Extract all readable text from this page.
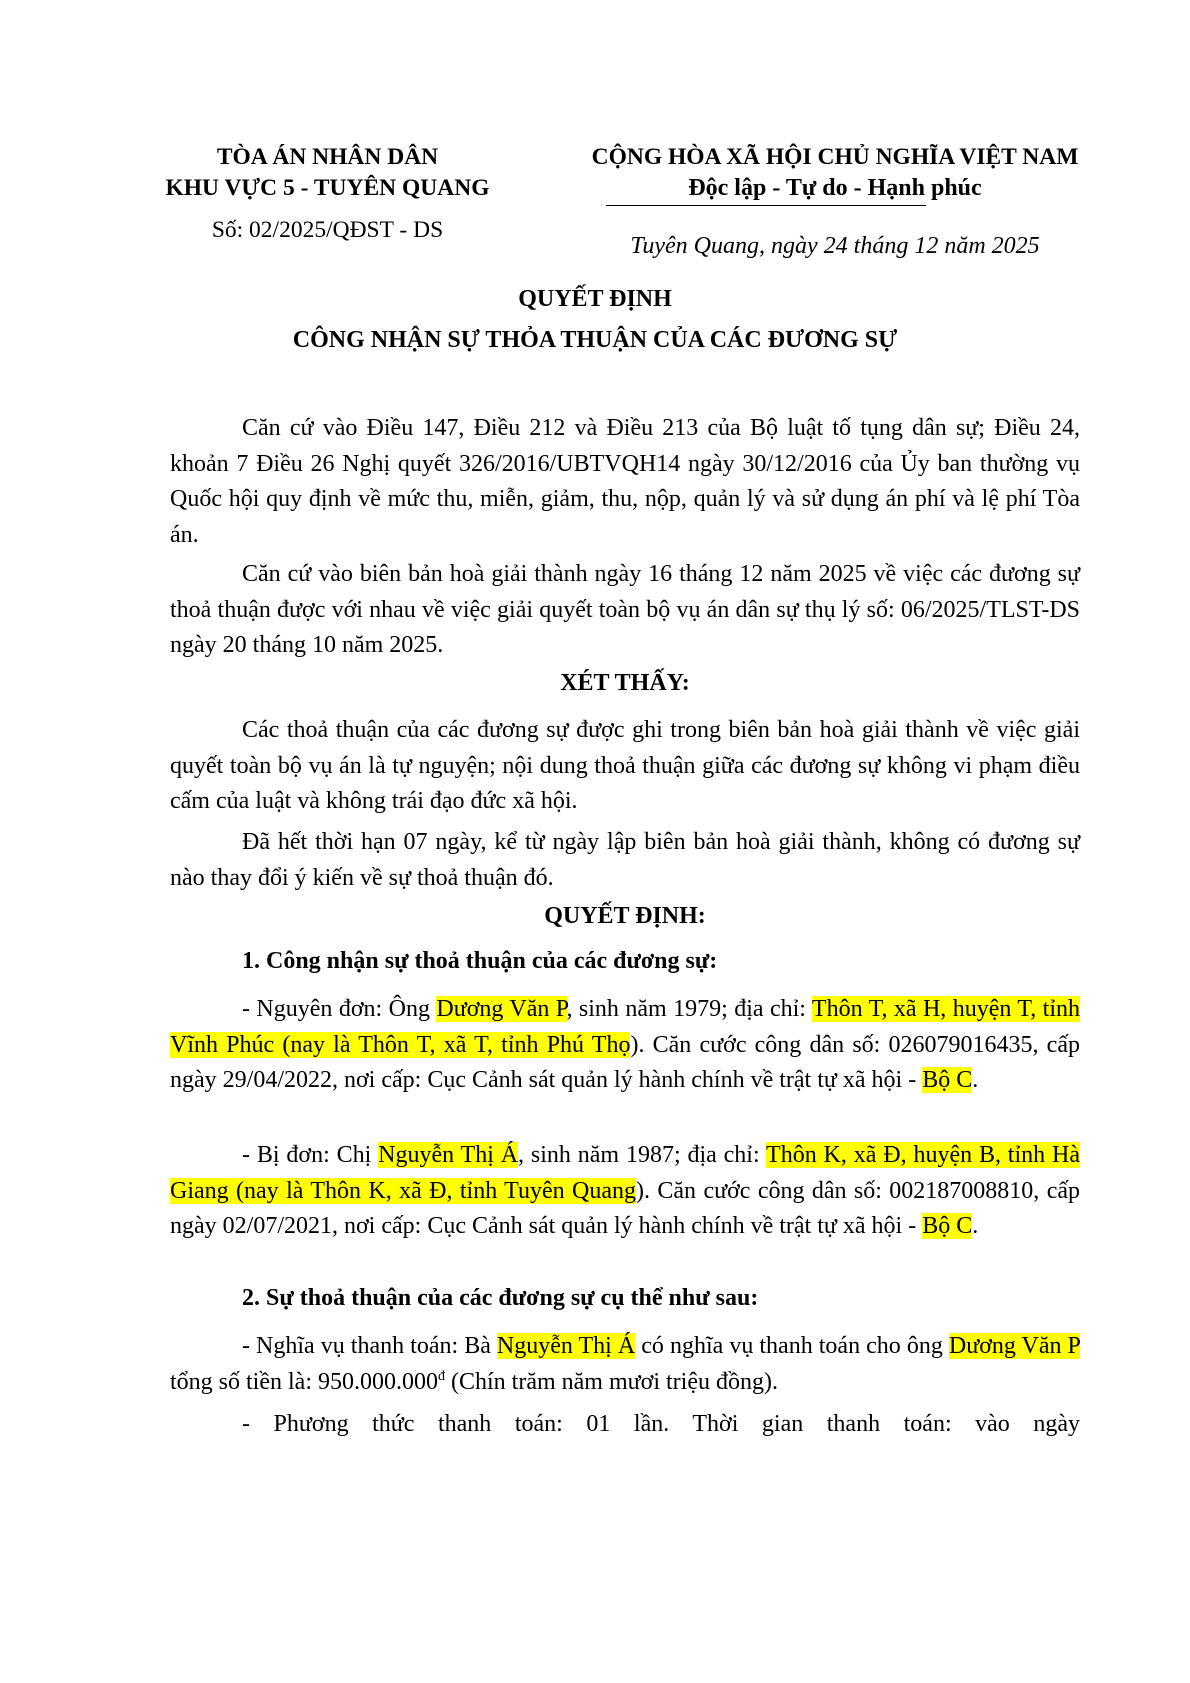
TÒA ÁN NHÂN DÂN
KHU VỰC 5 - TUYÊN QUANG
CỘNG HÒA XÃ HỘI CHỦ NGHĨA VIỆT NAM
Độc lập - Tự do - Hạnh phúc
Số: 02/2025/QĐST - DS
Tuyên Quang, ngày 24 tháng 12 năm 2025
QUYẾT ĐỊNH
CÔNG NHẬN SỰ THỎA THUẬN CỦA CÁC ĐƯƠNG SỰ

Căn cứ vào Điều 147, Điều 212 và Điều 213 của Bộ luật tố tụng dân sự; Điều 24, khoản 7 Điều 26 Nghị quyết 326/2016/UBTVQH14 ngày 30/12/2016 của Ủy ban thường vụ Quốc hội quy định về mức thu, miễn, giảm, thu, nộp, quản lý và sử dụng án phí và lệ phí Tòa án.

Căn cứ vào biên bản hoà giải thành ngày 16 tháng 12 năm 2025 về việc các đương sự thoả thuận được với nhau về việc giải quyết toàn bộ vụ án dân sự thụ lý số: 06/2025/TLST-DS ngày 20 tháng 10 năm 2025.

XÉT THẤY:

Các thoả thuận của các đương sự được ghi trong biên bản hoà giải thành về việc giải quyết toàn bộ vụ án là tự nguyện; nội dung thoả thuận giữa các đương sự không vi phạm điều cấm của luật và không trái đạo đức xã hội.

Đã hết thời hạn 07 ngày, kể từ ngày lập biên bản hoà giải thành, không có đương sự nào thay đổi ý kiến về sự thoả thuận đó.

QUYẾT ĐỊNH:
1. Công nhận sự thoả thuận của các đương sự:

- Nguyên đơn: Ông Dương Văn P, sinh năm 1979; địa chỉ: Thôn T, xã H, huyện T, tỉnh Vĩnh Phúc (nay là Thôn T, xã T, tỉnh Phú Thọ). Căn cước công dân số: 026079016435, cấp ngày 29/04/2022, nơi cấp: Cục Cảnh sát quản lý hành chính về trật tự xã hội - Bộ C.

- Bị đơn: Chị Nguyễn Thị Á, sinh năm 1987; địa chỉ: Thôn K, xã Đ, huyện B, tỉnh Hà Giang (nay là Thôn K, xã Đ, tỉnh Tuyên Quang). Căn cước công dân số: 002187008810, cấp ngày 02/07/2021, nơi cấp: Cục Cảnh sát quản lý hành chính về trật tự xã hội - Bộ C.

2. Sự thoả thuận của các đương sự cụ thể như sau:

- Nghĩa vụ thanh toán: Bà Nguyễn Thị Á có nghĩa vụ thanh toán cho ông Dương Văn P tổng số tiền là: $950.000.000^đ$ (Chín trăm năm mươi triệu đồng).

- Phương thức thanh toán: 01 lần. Thời gian thanh toán: vào ngày
